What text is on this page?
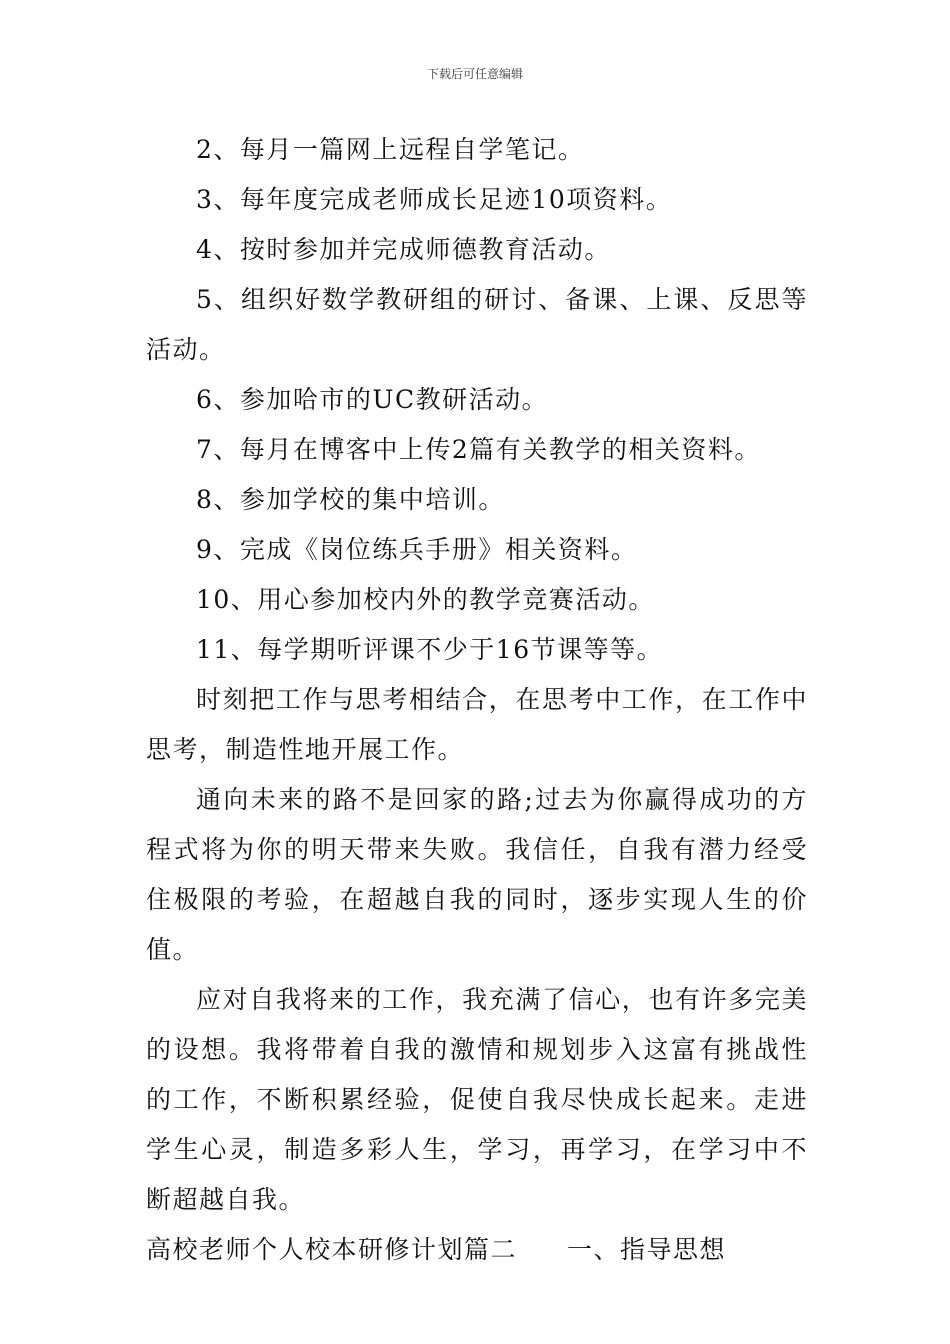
下载后可任意编辑

2、每月一篇网上远程自学笔记。

3、每年度完成老师成长足迹10项资料。

4、按时参加并完成师德教育活动。

5、组织好数学教研组的研讨、备课、上课、反思等活动。

6、参加哈市的UC教研活动。

7、每月在博客中上传2篇有关教学的相关资料。

8、参加学校的集中培训。

9、完成《岗位练兵手册》相关资料。

10、用心参加校内外的教学竞赛活动。

11、每学期听评课不少于16节课等等。

时刻把工作与思考相结合，在思考中工作，在工作中思考，制造性地开展工作。

通向未来的路不是回家的路;过去为你赢得成功的方程式将为你的明天带来失败。我信任，自我有潜力经受住极限的考验，在超越自我的同时，逐步实现人生的价值。

应对自我将来的工作，我充满了信心，也有许多完美的设想。我将带着自我的激情和规划步入这富有挑战性的工作，不断积累经验，促使自我尽快成长起来。走进学生心灵，制造多彩人生，学习，再学习，在学习中不断超越自我。

高校老师个人校本研修计划篇二 一、指导思想
